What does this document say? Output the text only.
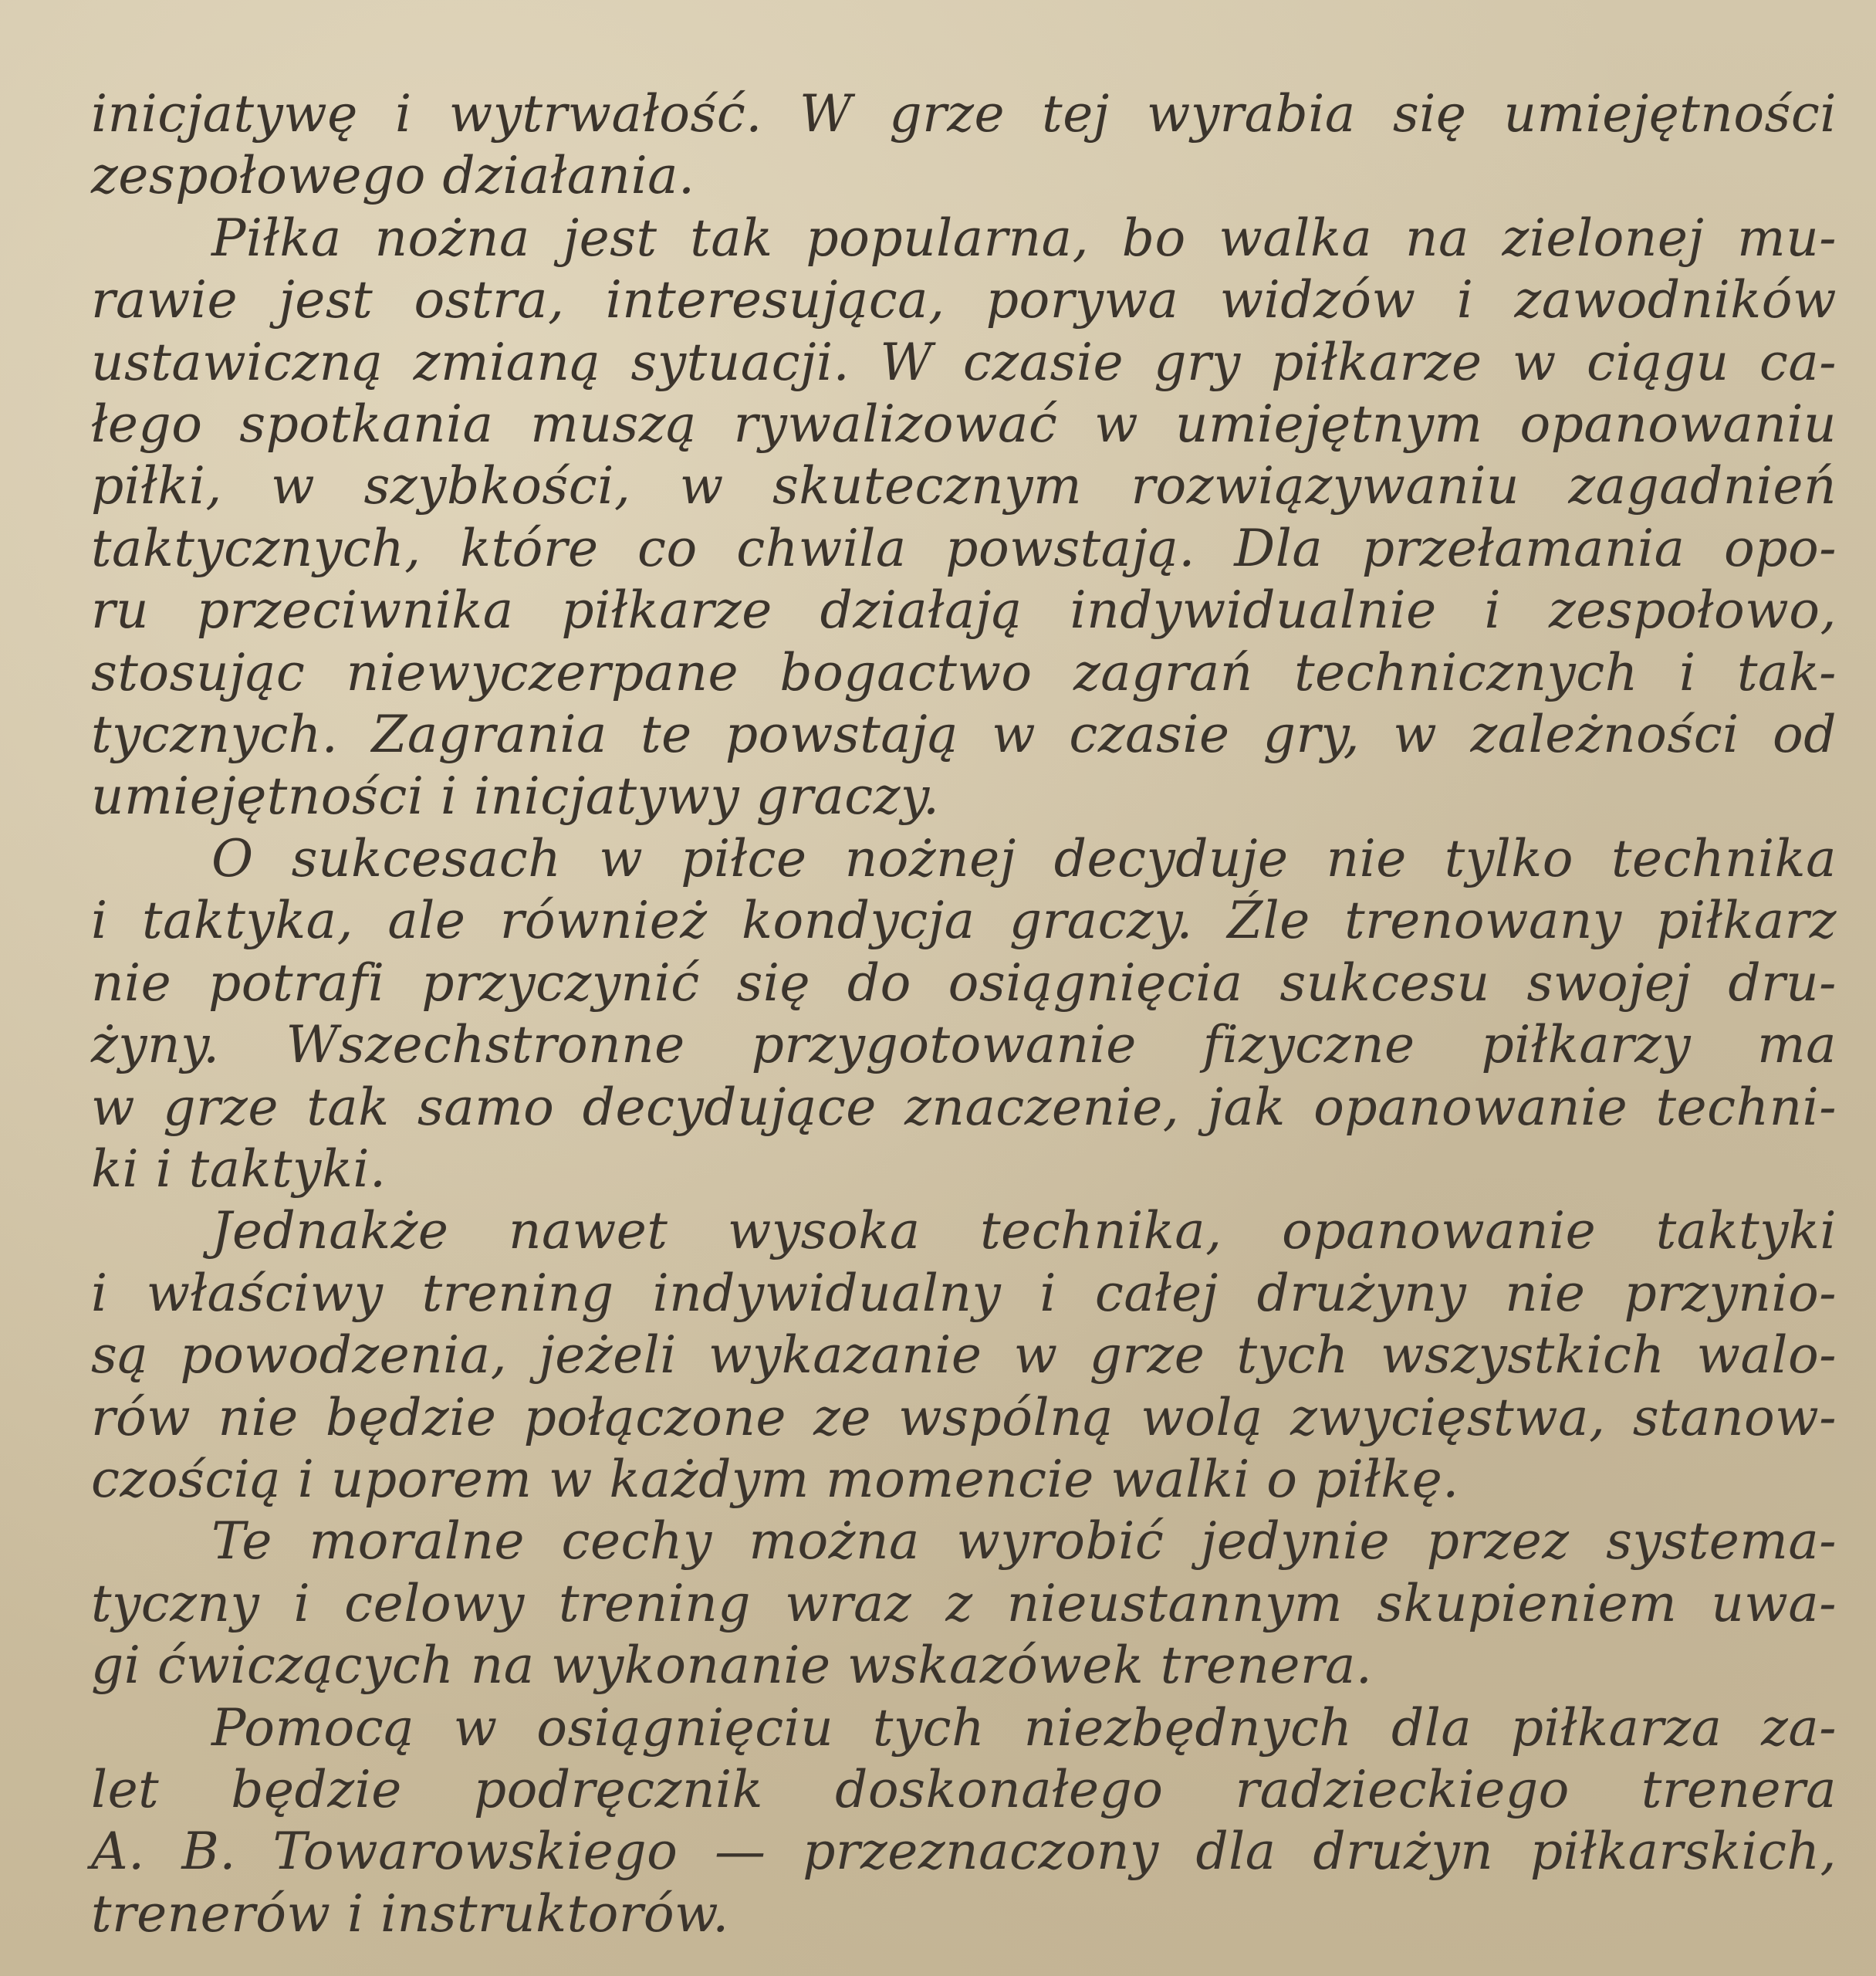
inicjatywę i wytrwałość. W grze tej wyrabia się umiejętności
zespołowego działania.
Piłka nożna jest tak popularna, bo walka na zielonej mu-
rawie jest ostra, interesująca, porywa widzów i zawodników
ustawiczną zmianą sytuacji. W czasie gry piłkarze w ciągu ca-
łego spotkania muszą rywalizować w umiejętnym opanowaniu
piłki, w szybkości, w skutecznym rozwiązywaniu zagadnień
taktycznych, które co chwila powstają. Dla przełamania opo-
ru przeciwnika piłkarze działają indywidualnie i zespołowo,
stosując niewyczerpane bogactwo zagrań technicznych i tak-
tycznych. Zagrania te powstają w czasie gry, w zależności od
umiejętności i inicjatywy graczy.
O sukcesach w piłce nożnej decyduje nie tylko technika
i taktyka, ale również kondycja graczy. Źle trenowany piłkarz
nie potrafi przyczynić się do osiągnięcia sukcesu swojej dru-
żyny. Wszechstronne przygotowanie fizyczne piłkarzy ma
w grze tak samo decydujące znaczenie, jak opanowanie techni-
ki i taktyki.
Jednakże nawet wysoka technika, opanowanie taktyki
i właściwy trening indywidualny i całej drużyny nie przynio-
są powodzenia, jeżeli wykazanie w grze tych wszystkich walo-
rów nie będzie połączone ze wspólną wolą zwycięstwa, stanow-
czością i uporem w każdym momencie walki o piłkę.
Te moralne cechy można wyrobić jedynie przez systema-
tyczny i celowy trening wraz z nieustannym skupieniem uwa-
gi ćwiczących na wykonanie wskazówek trenera.
Pomocą w osiągnięciu tych niezbędnych dla piłkarza za-
let będzie podręcznik doskonałego radzieckiego trenera
A. B. Towarowskiego — przeznaczony dla drużyn piłkarskich,
trenerów i instruktorów.
